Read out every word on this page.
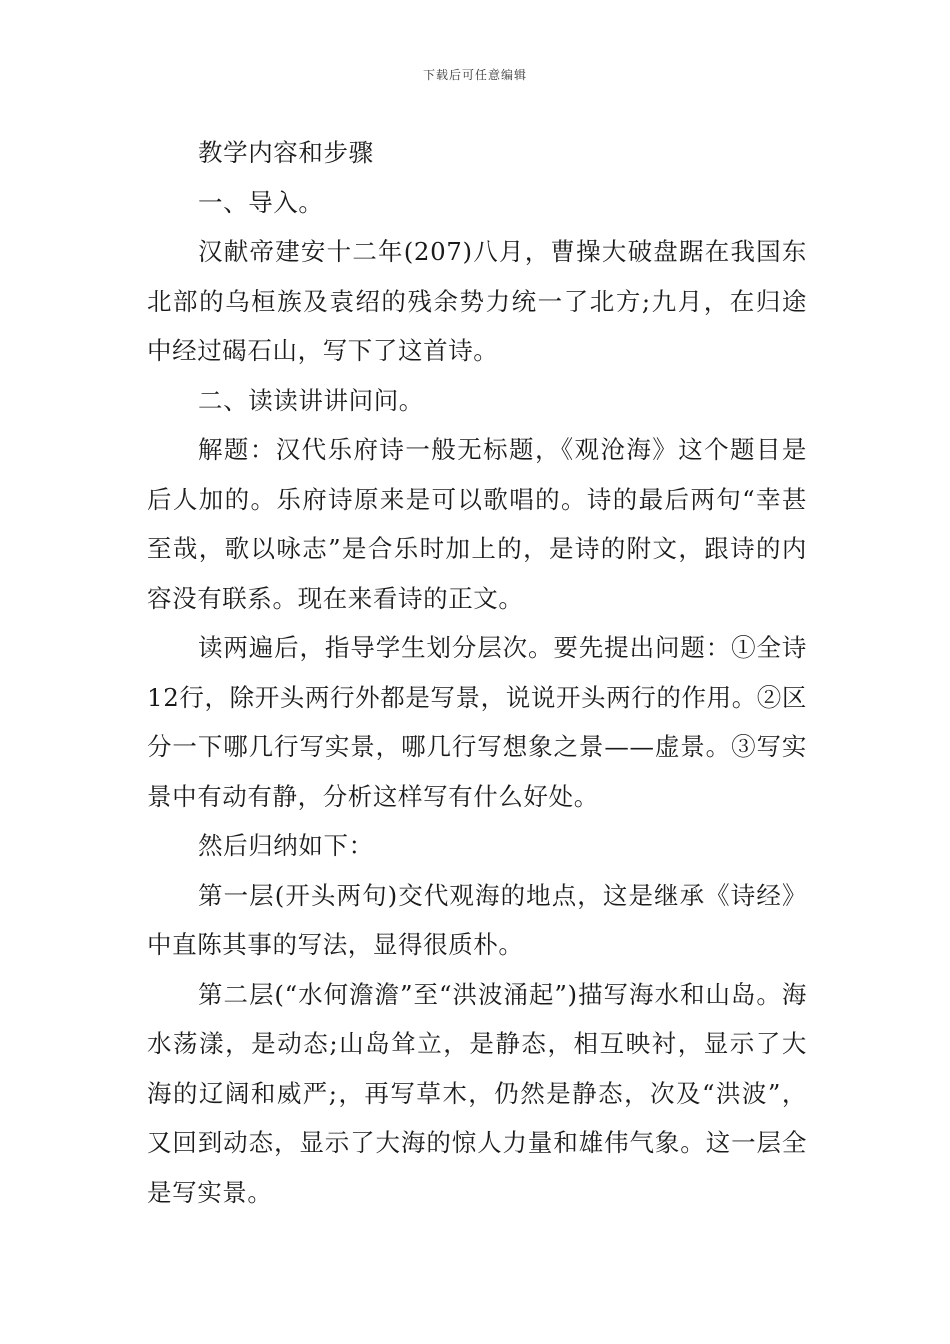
下载后可任意编辑

教学内容和步骤

一、导入。

汉献帝建安十二年(207)八月，曹操大破盘踞在我国东北部的乌桓族及袁绍的残余势力统一了北方;九月，在归途中经过碣石山，写下了这首诗。

二、读读讲讲问问。

解题：汉代乐府诗一般无标题，《观沧海》这个题目是后人加的。乐府诗原来是可以歌唱的。诗的最后两句“幸甚至哉，歌以咏志”是合乐时加上的，是诗的附文，跟诗的内容没有联系。现在来看诗的正文。

读两遍后，指导学生划分层次。要先提出问题：①全诗12行，除开头两行外都是写景，说说开头两行的作用。②区分一下哪几行写实景，哪几行写想象之景——虚景。③写实景中有动有静，分析这样写有什么好处。

然后归纳如下：

第一层(开头两句)交代观海的地点，这是继承《诗经》中直陈其事的写法，显得很质朴。

第二层(“水何澹澹”至“洪波涌起”)描写海水和山岛。海水荡漾，是动态;山岛耸立，是静态，相互映衬，显示了大海的辽阔和威严;，再写草木，仍然是静态，次及“洪波”，又回到动态，显示了大海的惊人力量和雄伟气象。这一层全是写实景。
